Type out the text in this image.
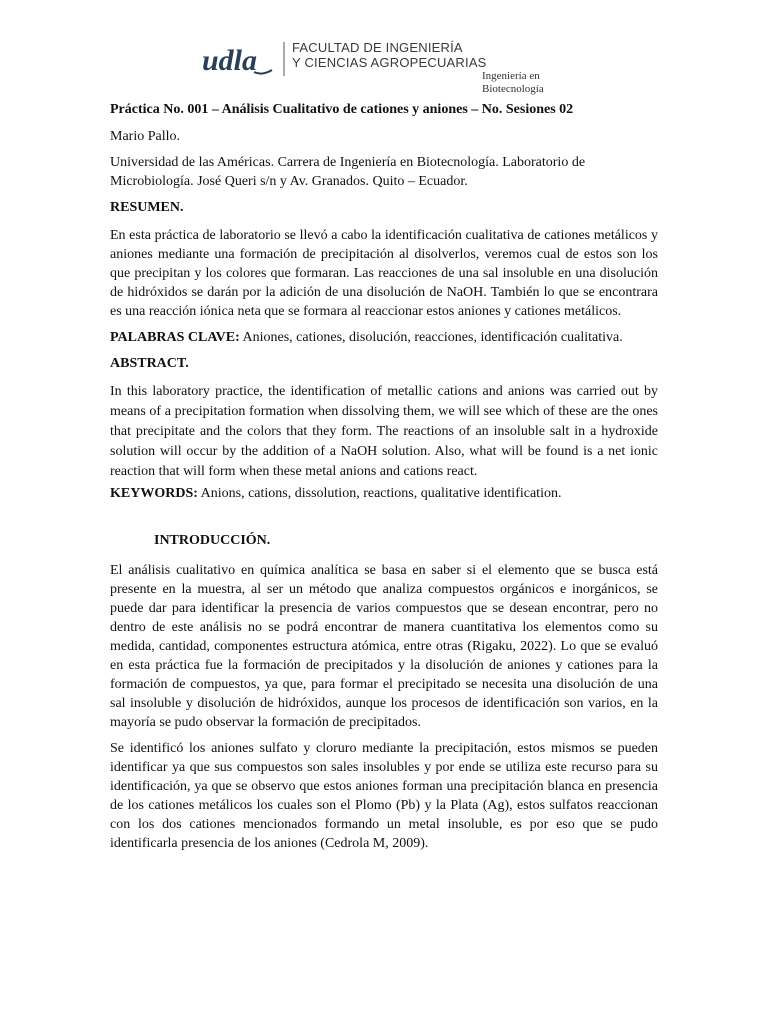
udla	FACULTAD DE INGENIERÍA
Y CIENCIAS AGROPECUARIAS
Ingeniería en
Biotecnología

Práctica No. 001 – Análisis Cualitativo de cationes y aniones – No. Sesiones 02

Mario Pallo.

Universidad de las Américas. Carrera de Ingeniería en Biotecnología. Laboratorio de Microbiología. José Queri s/n y Av. Granados. Quito – Ecuador.

RESUMEN.

En esta práctica de laboratorio se llevó a cabo la identificación cualitativa de cationes metálicos y aniones mediante una formación de precipitación al disolverlos, veremos cual de estos son los que precipitan y los colores que formaran. Las reacciones de una sal insoluble en una disolución de hidróxidos se darán por la adición de una disolución de NaOH. También lo que se encontrara es una reacción iónica neta que se formara al reaccionar estos aniones y cationes metálicos.

PALABRAS CLAVE: Aniones, cationes, disolución, reacciones, identificación cualitativa.

ABSTRACT.

In this laboratory practice, the identification of metallic cations and anions was carried out by means of a precipitation formation when dissolving them, we will see which of these are the ones that precipitate and the colors that they form. The reactions of an insoluble salt in a hydroxide solution will occur by the addition of a NaOH solution. Also, what will be found is a net ionic reaction that will form when these metal anions and cations react.

KEYWORDS: Anions, cations, dissolution, reactions, qualitative identification.

INTRODUCCIÓN.

El análisis cualitativo en química analítica se basa en saber si el elemento que se busca está presente en la muestra, al ser un método que analiza compuestos orgánicos e inorgánicos, se puede dar para identificar la presencia de varios compuestos que se desean encontrar, pero no dentro de este análisis no se podrá encontrar de manera cuantitativa los elementos como su medida, cantidad, componentes estructura atómica, entre otras (Rigaku, 2022). Lo que se evaluó en esta práctica fue la formación de precipitados y la disolución de aniones y cationes para la formación de compuestos, ya que, para formar el precipitado se necesita una disolución de una sal insoluble y disolución de hidróxidos, aunque los procesos de identificación son varios, en la mayoría se pudo observar la formación de precipitados.

Se identificó los aniones sulfato y cloruro mediante la precipitación, estos mismos se pueden identificar ya que sus compuestos son sales insolubles y por ende se utiliza este recurso para su identificación, ya que se observo que estos aniones forman una precipitación blanca en presencia de los cationes metálicos los cuales son el Plomo (Pb) y la Plata (Ag), estos sulfatos reaccionan con los dos cationes mencionados formando un metal insoluble, es por eso que se pudo identificarla presencia de los aniones (Cedrola M, 2009).
